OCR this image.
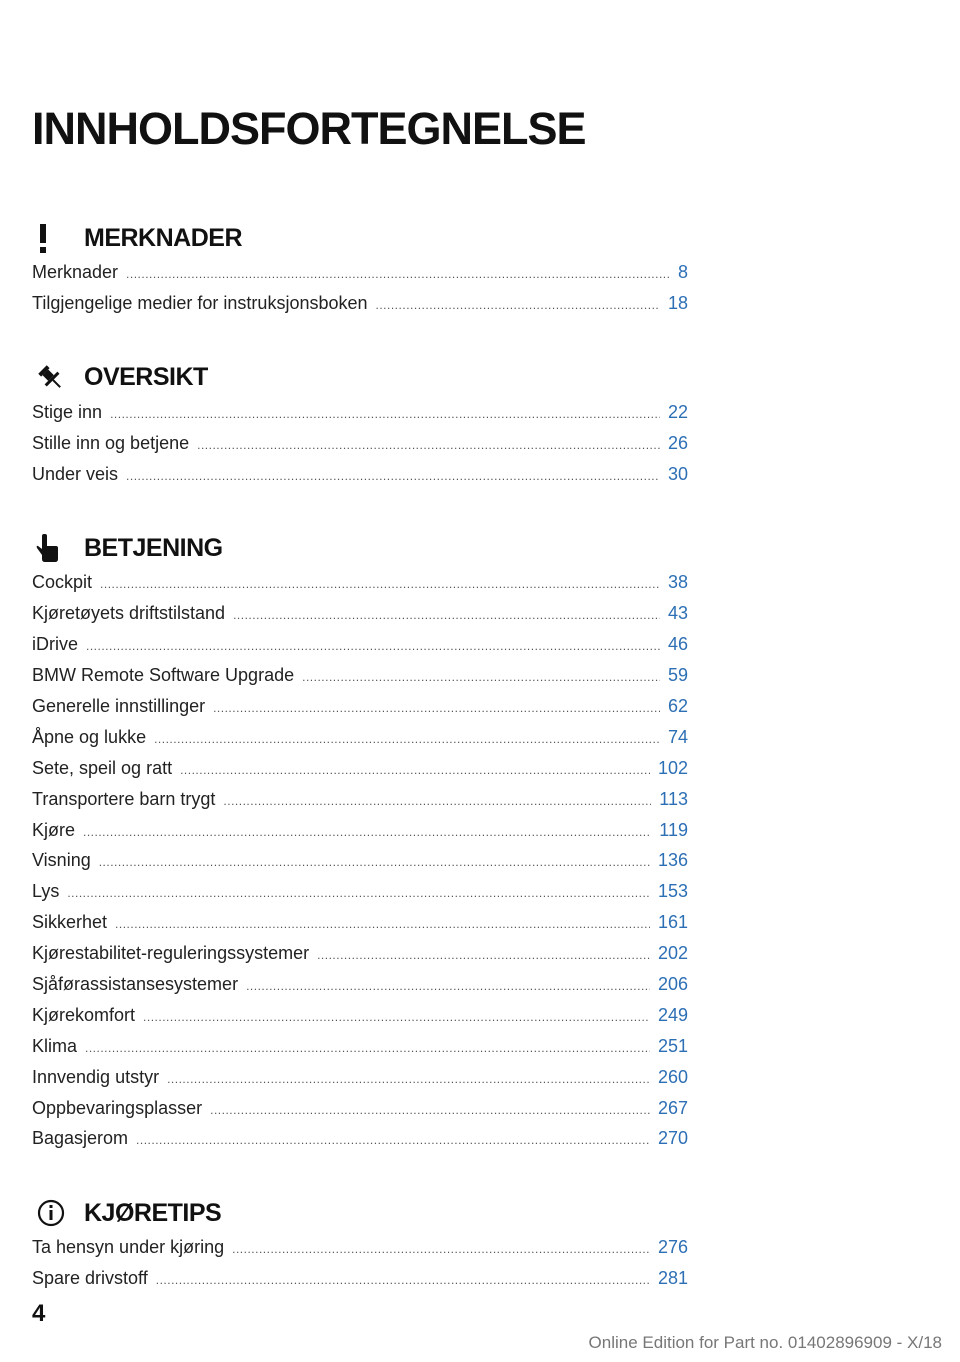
INNHOLDSFORTEGNELSE
MERKNADER
Merknader .....	8
Tilgjengelige medier for instruksjonsboken .....	18
OVERSIKT
Stige inn .....	22
Stille inn og betjene .....	26
Under veis .....	30
BETJENING
Cockpit .....	38
Kjøretøyets driftstilstand .....	43
iDrive .....	46
BMW Remote Software Upgrade .....	59
Generelle innstillinger .....	62
Åpne og lukke .....	74
Sete, speil og ratt .....	102
Transportere barn trygt .....	113
Kjøre .....	119
Visning .....	136
Lys .....	153
Sikkerhet .....	161
Kjørestabilitet-reguleringssystemer .....	202
Sjåførassistansesystemer .....	206
Kjørekomfort .....	249
Klima .....	251
Innvendig utstyr .....	260
Oppbevaringsplasser .....	267
Bagasjerom .....	270
KJØRETIPS
Ta hensyn under kjøring .....	276
Spare drivstoff .....	281
4
Online Edition for Part no. 01402896909 - X/18
